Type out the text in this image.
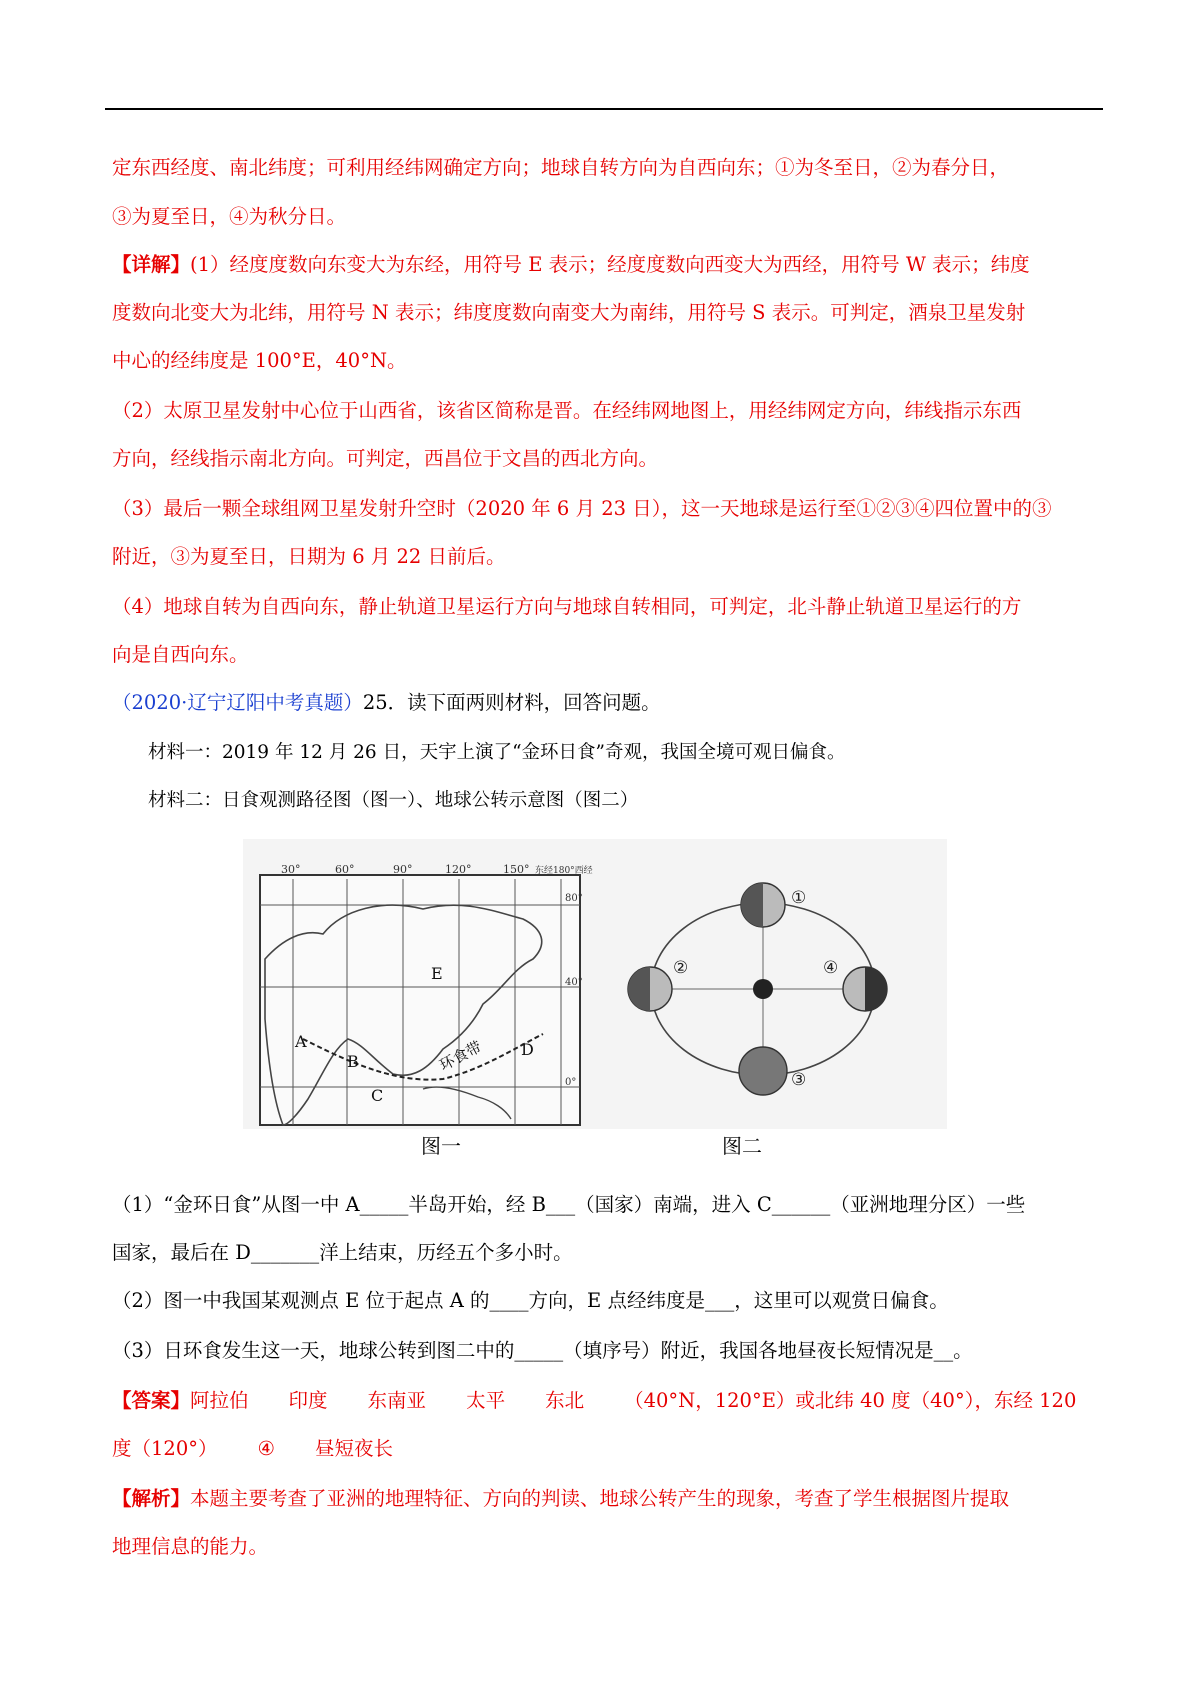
定东西经度、南北纬度；可利用经纬网确定方向；地球自转方向为自西向东；①为冬至日，②为春分日，

③为夏至日，④为秋分日。

【详解】(1）经度度数向东变大为东经，用符号 E 表示；经度度数向西变大为西经，用符号 W 表示；纬度

度数向北变大为北纬，用符号 N 表示；纬度度数向南变大为南纬，用符号 S 表示。可判定，酒泉卫星发射

中心的经纬度是 100°E，40°N。

（2）太原卫星发射中心位于山西省，该省区简称是晋。在经纬网地图上，用经纬网定方向，纬线指示东西

方向，经线指示南北方向。可判定，西昌位于文昌的西北方向。

（3）最后一颗全球组网卫星发射升空时（2020 年 6 月 23 日），这一天地球是运行至①②③④四位置中的③

附近，③为夏至日，日期为 6 月 22 日前后。

（4）地球自转为自西向东，静止轨道卫星运行方向与地球自转相同，可判定，北斗静止轨道卫星运行的方

向是自西向东。

（2020·辽宁辽阳中考真题）25．读下面两则材料，回答问题。

材料一：2019 年 12 月 26 日，天宇上演了“金环日食”奇观，我国全境可观日偏食。

材料二：日食观测路径图（图一）、地球公转示意图（图二）

30°	60°	90°	120°	150° 东经180°西经
80°
40°
0°
A
B
C
D
E
环食带
①
②
③
④
图一	图二

（1）“金环日食”从图一中 A_____半岛开始，经 B___（国家）南端，进入 C______（亚洲地理分区）一些

国家，最后在 D_______洋上结束，历经五个多小时。

（2）图一中我国某观测点 E 位于起点 A 的____方向，E 点经纬度是___，这里可以观赏日偏食。

（3）日环食发生这一天，地球公转到图二中的_____（填序号）附近，我国各地昼夜长短情况是__。

【答案】阿拉伯 印度 东南亚 太平 东北 （40°N，120°E）或北纬 40 度（40°），东经 120

度（120°） ④ 昼短夜长

【解析】本题主要考查了亚洲的地理特征、方向的判读、地球公转产生的现象，考查了学生根据图片提取

地理信息的能力。
